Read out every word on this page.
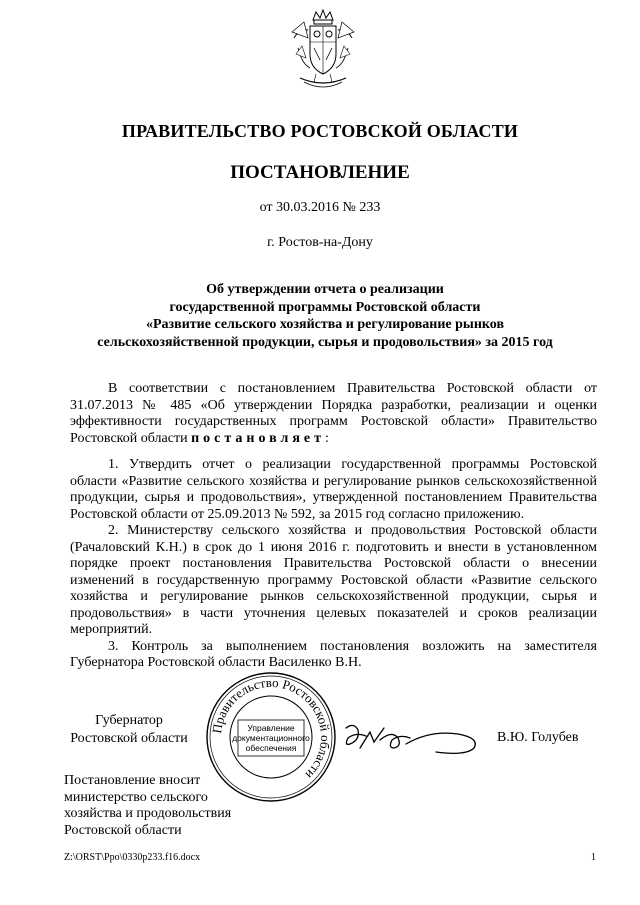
ПРАВИТЕЛЬСТВО РОСТОВСКОЙ ОБЛАСТИ
ПОСТАНОВЛЕНИЕ
от 30.03.2016 № 233
г. Ростов-на-Дону
Об утверждении отчета о реализации
государственной программы Ростовской области
«Развитие сельского хозяйства и регулирование рынков
сельскохозяйственной продукции, сырья и продовольствия» за 2015 год

В соответствии с постановлением Правительства Ростовской области от 31.07.2013 № 485 «Об утверждении Порядка разработки, реализации и оценки эффективности государственных программ Ростовской области» Правительство Ростовской области постановляет:

1. Утвердить отчет о реализации государственной программы Ростовской области «Развитие сельского хозяйства и регулирование рынков сельскохозяйственной продукции, сырья и продовольствия», утвержденной постановлением Правительства Ростовской области от 25.09.2013 № 592, за 2015 год согласно приложению.

2. Министерству сельского хозяйства и продовольствия Ростовской области (Рачаловский К.Н.) в срок до 1 июня 2016 г. подготовить и внести в установленном порядке проект постановления Правительства Ростовской области о внесении изменений в государственную программу Ростовской области «Развитие сельского хозяйства и регулирование рынков сельскохозяйственной продукции, сырья и продовольствия» в части уточнения целевых показателей и сроков реализации мероприятий.

3. Контроль за выполнением постановления возложить на заместителя Губернатора Ростовской области Василенко В.Н.

Губернатор
Ростовской области
Правительство Ростовской области
Управление
документационного
обеспечения
В.Ю. Голубев
Постановление вносит
министерство сельского
хозяйства и продовольствия
Ростовской области
Z:\ORST\Ppo\0330p233.f16.docx	1
